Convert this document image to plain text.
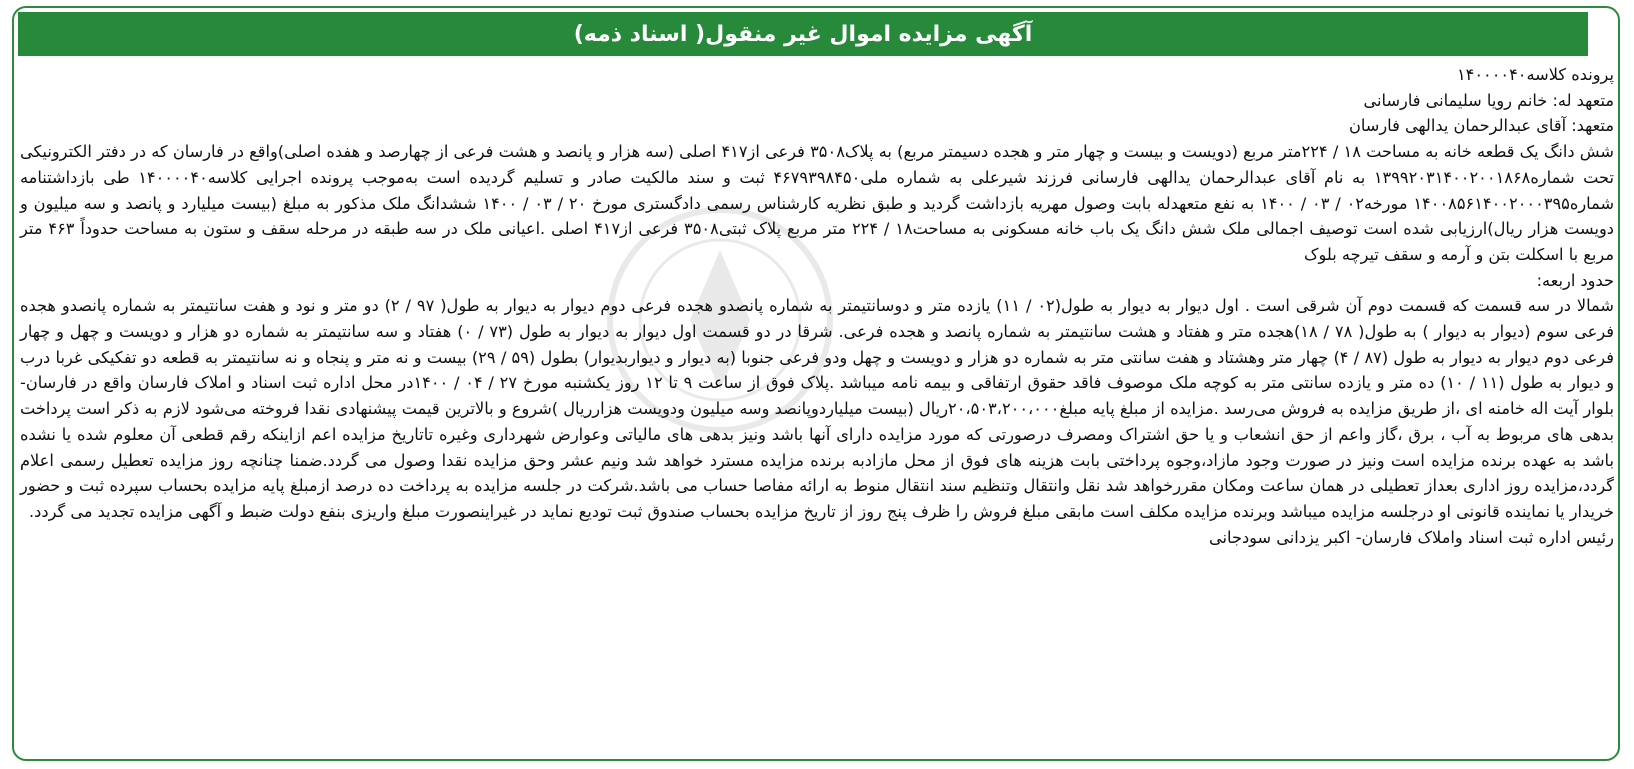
آگهی مزایده اموال غیر منقول( اسناد ذمه)

پرونده کلاسه۱۴۰۰۰۰۴۰

متعهد له: خانم رویا سلیمانی فارسانی

متعهد: آقای عبدالرحمان یدالهی فارسان

شش دانگ یک قطعه خانه به مساحت ۱۸ / ۲۲۴متر مربع (دویست و بیست و چهار متر و هجده دسیمتر مربع) به پلاک۳۵۰۸ فرعی از۴۱۷ اصلی (سه هزار و پانصد و هشت فرعی از چهارصد و هفده اصلی)واقع در فارسان که در دفتر الکترونیکی تحت شماره۱۳۹۹۲۰۳۱۴۰۰۲۰۰۱۸۶۸ به نام آقای عبدالرحمان یدالهی فارسانی فرزند شیرعلی به شماره ملی۴۶۷۹۳۹۸۴۵۰ ثبت و سند مالکیت صادر و تسلیم گردیده است به‌موجب پرونده اجرایی کلاسه۱۴۰۰۰۰۴۰ طی بازداشتنامه شماره۱۴۰۰۸۵۶۱۴۰۰۲۰۰۰۳۹۵ مورخه۰۲ / ۰۳ / ۱۴۰۰ به نفع متعهدله بابت وصول مهریه بازداشت گردید و طبق نظریه کارشناس رسمی دادگستری مورخ ۲۰ / ۰۳ / ۱۴۰۰ ششدانگ ملک مذکور به مبلغ (بیست میلیارد و پانصد و سه میلیون و دویست هزار ریال)ارزیابی شده است توصیف اجمالی ملک شش دانگ یک باب خانه مسکونی به مساحت۱۸ / ۲۲۴ متر مربع پلاک ثبتی۳۵۰۸ فرعی از۴۱۷ اصلی .اعیانی ملک در سه طبقه در مرحله سقف و ستون به مساحت حدوداً ۴۶۳ متر مربع با اسکلت بتن و آرمه و سقف تیرچه بلوک

حدود اربعه:

شمالا در سه قسمت که قسمت دوم آن شرقی است . اول دیوار به دیوار به طول(۰۲ / ۱۱) یازده متر و دوسانتیمتر به شماره پانصدو هجده فرعی دوم دیوار به دیوار به طول( ۹۷ / ۲) دو متر و نود و هفت سانتیمتر به شماره پانصدو هجده فرعی سوم (دیوار به دیوار ) به طول( ۷۸ / ۱۸)هجده متر و هفتاد و هشت سانتیمتر به شماره پانصد و هجده فرعی. شرقا در دو قسمت اول دیوار به دیوار به طول (۷۳ / ۰) هفتاد و سه سانتیمتر به شماره دو هزار و دویست و چهل و چهار فرعی دوم دیوار به دیوار به طول (۸۷ / ۴) چهار متر وهشتاد و هفت سانتی متر به شماره دو هزار و دویست و چهل ودو فرعی جنوبا (به دیوار و دیواربدیوار) بطول (۵۹ / ۲۹) بیست و نه متر و پنجاه و نه سانتیمتر به قطعه دو تفکیکی غربا درب و دیوار به طول (۱۱ / ۱۰) ده متر و یازده سانتی متر به کوچه ملک موصوف فاقد حقوق ارتفاقی و بیمه نامه میباشد .پلاک فوق از ساعت ۹ تا ۱۲ روز یکشنبه مورخ ۲۷ / ۰۴ / ۱۴۰۰در محل اداره ثبت اسناد و املاک فارسان واقع در فارسان- بلوار آیت اله خامنه ای ،از طریق مزایده به فروش می‌رسد .مزایده از مبلغ پایه مبلغ۲۰،۵۰۳،۲۰۰،۰۰۰ریال (بیست میلیاردوپانصد وسه میلیون ودویست هزارریال )شروع و بالاترین قیمت پیشنهادی نقدا فروخته می‌شود لازم به ذکر است پرداخت بدهی های مربوط به آب ، برق ،گاز واعم از حق انشعاب و یا حق اشتراک ومصرف درصورتی که مورد مزایده دارای آنها باشد ونیز بدهی های مالیاتی وعوارض شهرداری وغیره تاتاریخ مزایده اعم ازاینکه رقم قطعی آن معلوم شده یا نشده باشد به عهده برنده مزایده است ونیز در صورت وجود مازاد،وجوه پرداختی بابت هزینه های فوق از محل مازادبه برنده مزایده مسترد خواهد شد ونیم عشر وحق مزایده نقدا وصول می گردد.ضمنا چنانچه روز مزایده تعطیل رسمی اعلام گردد،مزایده روز اداری بعداز تعطیلی در همان ساعت ومکان مقررخواهد شد نقل وانتقال وتنظیم سند انتقال منوط به ارائه مفاصا حساب می باشد.شرکت در جلسه مزایده به پرداخت ده درصد ازمبلغ پایه مزایده بحساب سپرده ثبت و حضور خریدار یا نماینده قانونی او درجلسه مزایده میباشد وبرنده مزایده مکلف است مابقی مبلغ فروش را ظرف پنج روز از تاریخ مزایده بحساب صندوق ثبت تودیع نماید در غیراینصورت مبلغ واریزی بنفع دولت ضبط و آگهی مزایده تجدید می گردد.

رئیس اداره ثبت اسناد واملاک فارسان- اکبر یزدانی سودجانی
